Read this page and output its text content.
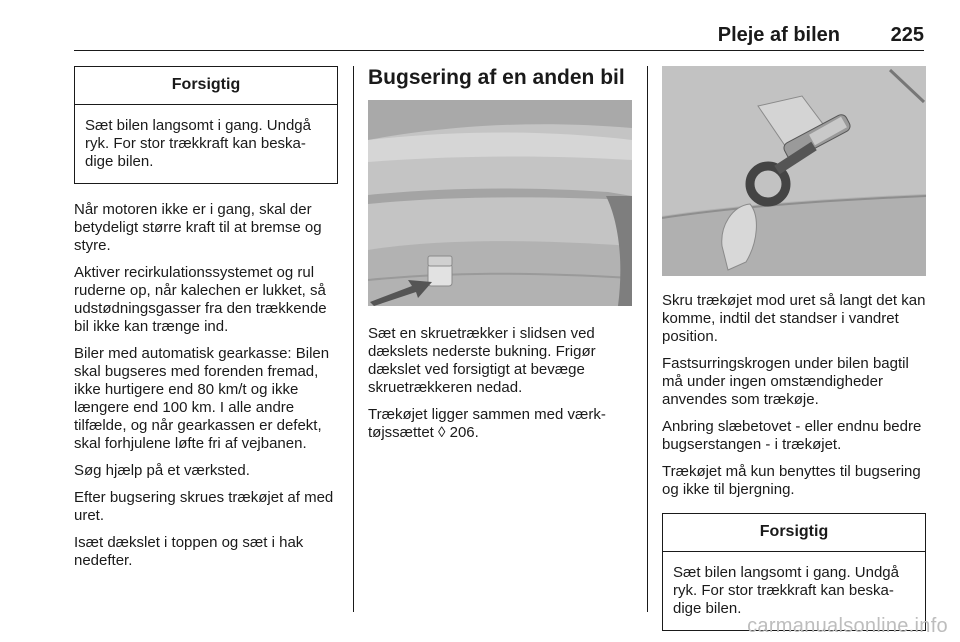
Pleje af bilen	225
Forsigtig
Sæt bilen langsomt i gang. Undgå ryk. For stor trækkraft kan beskadige bilen.

Når motoren ikke er i gang, skal der betydeligt større kraft til at bremse og styre.

Aktiver recirkulationssystemet og rul ruderne op, når kalechen er lukket, så udstødningsgasser fra den trækkende bil ikke kan trænge ind.

Biler med automatisk gearkasse: Bilen skal bugseres med forenden fremad, ikke hurtigere end 80 km/t og ikke længere end 100 km. I alle andre tilfælde, og når gearkassen er defekt, skal forhjulene løfte fri af vejbanen.

Søg hjælp på et værksted.

Efter bugsering skrues trækøjet af med uret.

Isæt dækslet i toppen og sæt i hak nedefter.

Bugsering af en anden bil

Sæt en skruetrækker i slidsen ved dækslets nederste bukning. Frigør dækslet ved forsigtigt at bevæge skruetrækkeren nedad.

Trækøjet ligger sammen med værktøjssættet ◊ 206.

Skru trækøjet mod uret så langt det kan komme, indtil det standser i vandret position.

Fastsurringskrogen under bilen bagtil må under ingen omstændigheder anvendes som trækøje.

Anbring slæbetovet - eller endnu bedre bugserstangen - i trækøjet.

Trækøjet må kun benyttes til bugsering og ikke til bjergning.

Forsigtig
Sæt bilen langsomt i gang. Undgå ryk. For stor trækkraft kan beskadige bilen.
carmanualsonline.info
